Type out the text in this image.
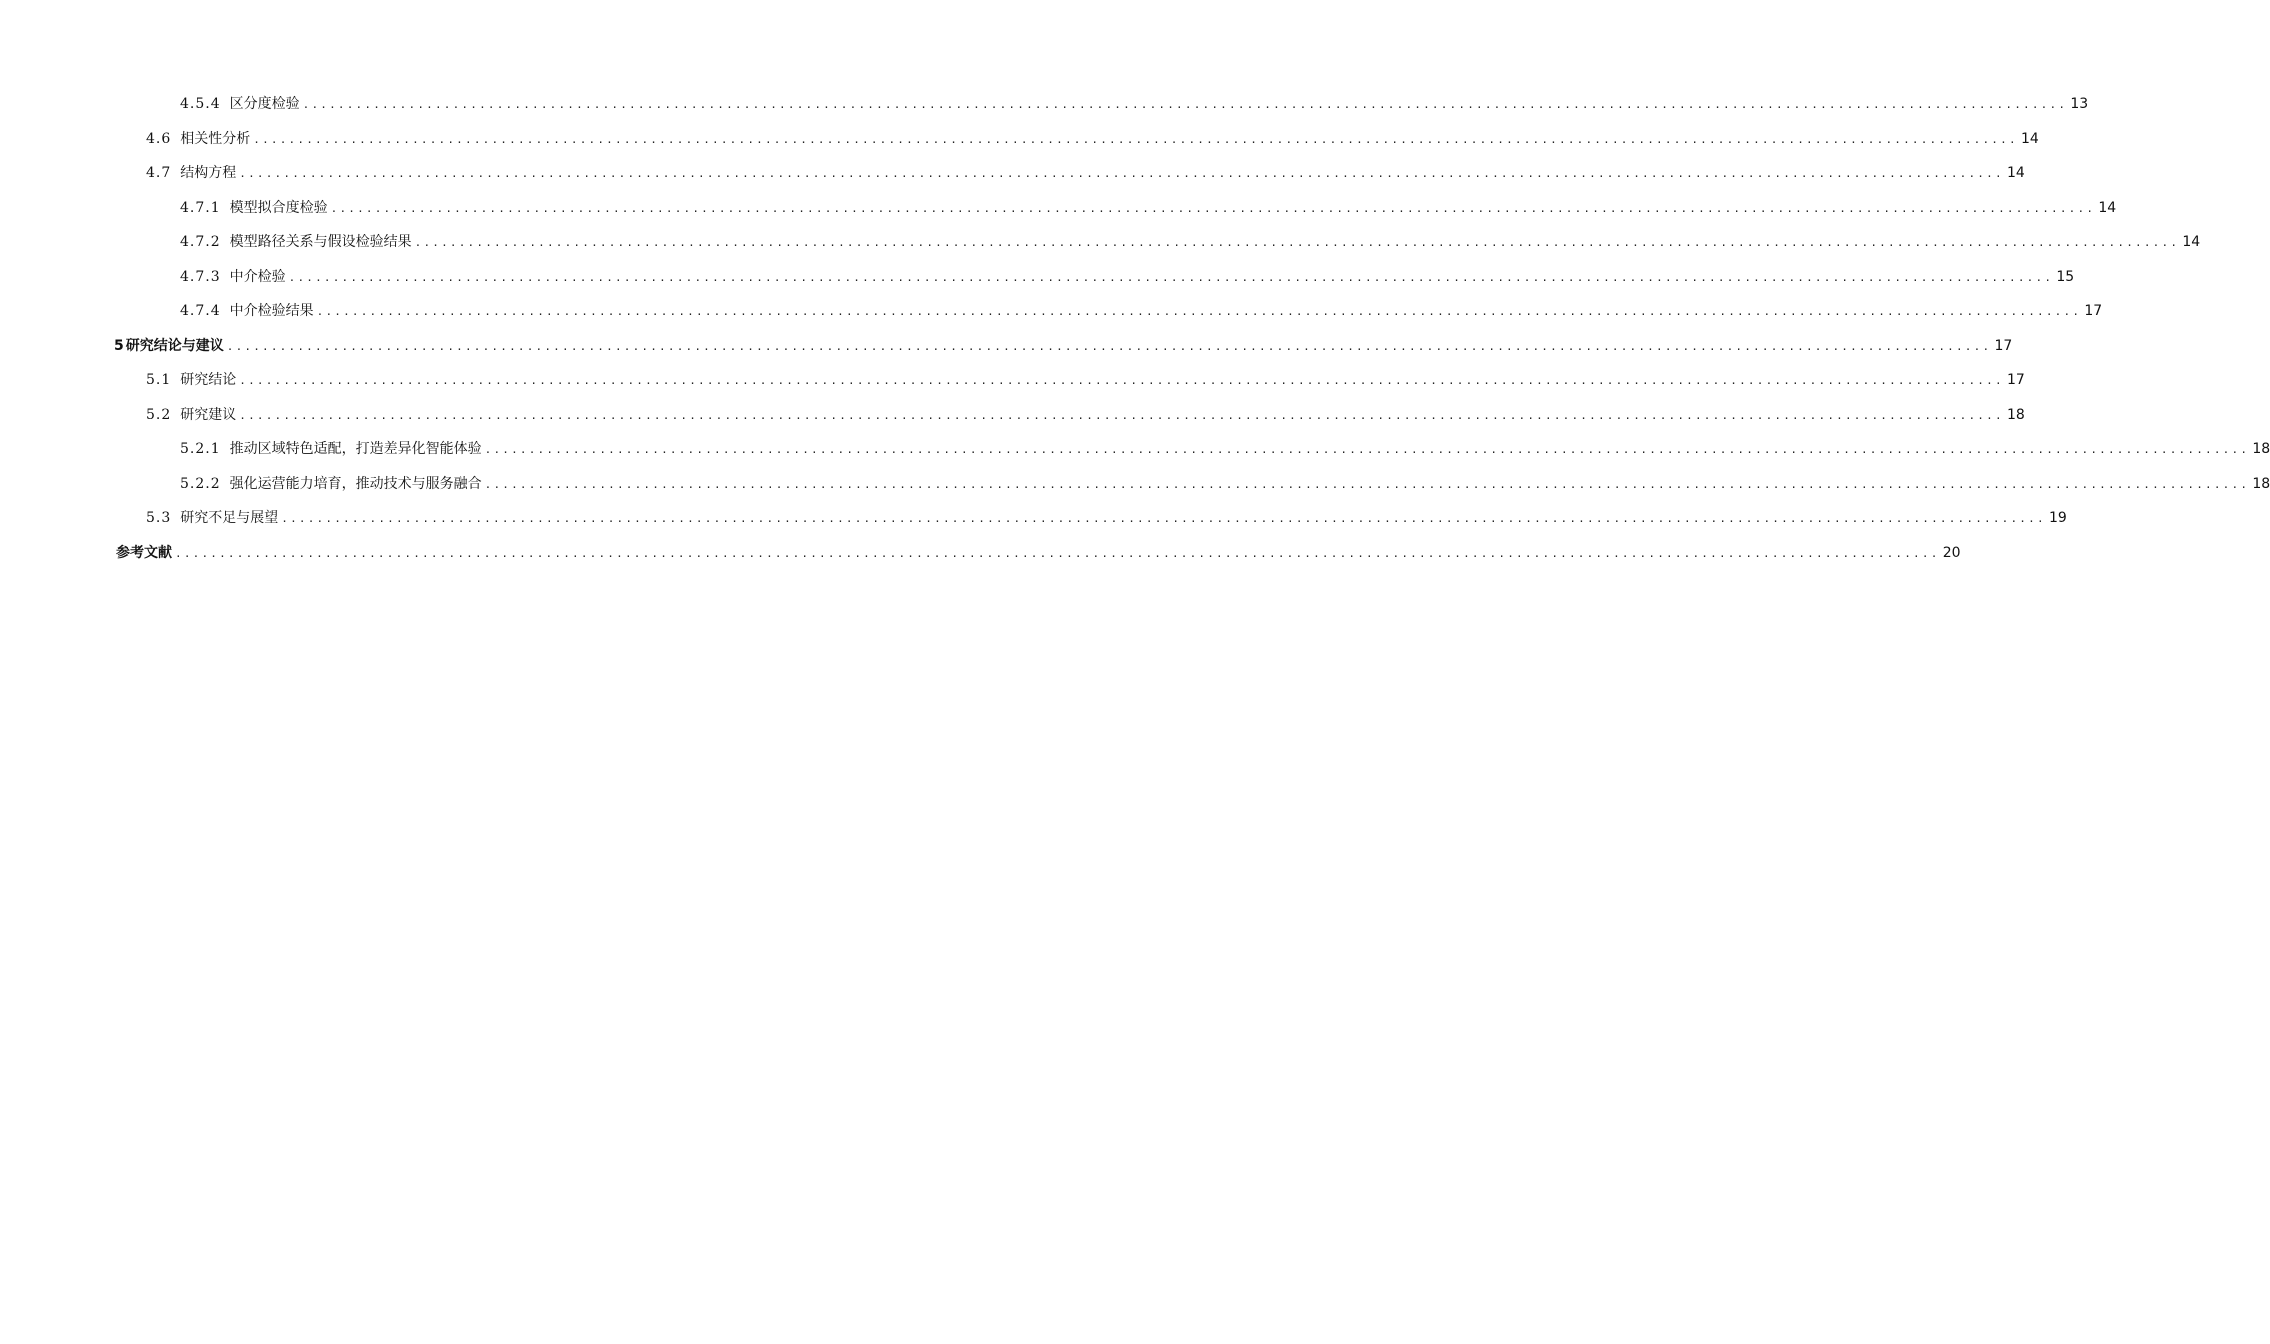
4.5.4 区分度检验 ........................................................................................................................................................................................................ 13
4.6 相关性分析 ........................................................................................................................................................................................................ 14
4.7 结构方程 ........................................................................................................................................................................................................ 14
4.7.1 模型拟合度检验 ........................................................................................................................................................................................................ 14
4.7.2 模型路径关系与假设检验结果 ........................................................................................................................................................................................................ 14
4.7.3 中介检验 ........................................................................................................................................................................................................ 15
4.7.4 中介检验结果 ........................................................................................................................................................................................................ 17
5 研究结论与建议 ........................................................................................................................................................................................................ 17
5.1 研究结论 ........................................................................................................................................................................................................ 17
5.2 研究建议 ........................................................................................................................................................................................................ 18
5.2.1 推动区域特色适配，打造差异化智能体验 ........................................................................................................................................................................................................ 18
5.2.2 强化运营能力培育，推动技术与服务融合 ........................................................................................................................................................................................................ 18
5.3 研究不足与展望 ........................................................................................................................................................................................................ 19
参考文献 ........................................................................................................................................................................................................ 20
